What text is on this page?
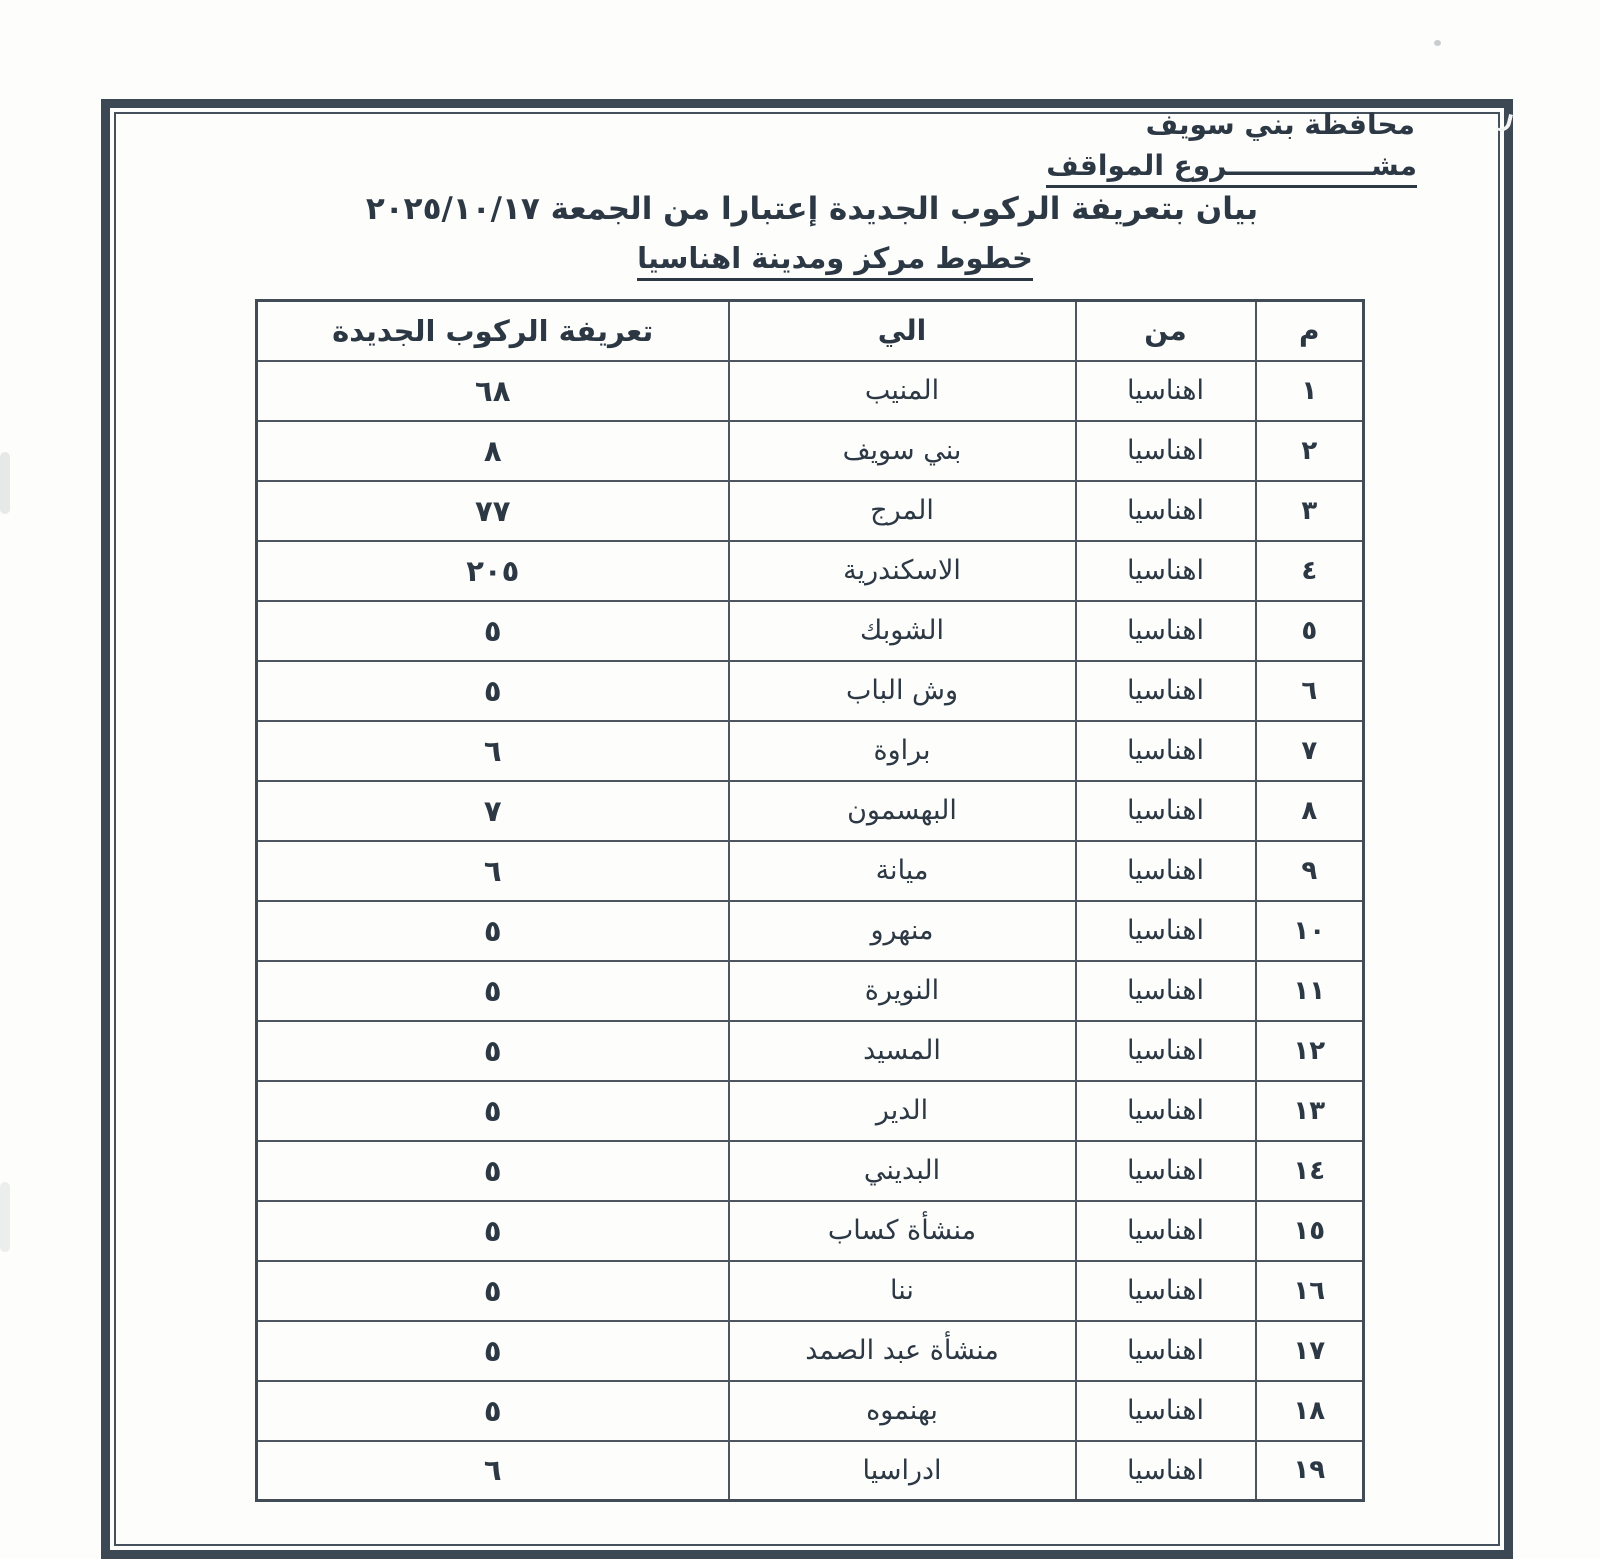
محافظة بني سويف
مشـــــــــــــــروع المواقف
بيان بتعريفة الركوب الجديدة إعتبارا من الجمعة ٢٠٢٥/١٠/١٧
خطوط مركز ومدينة اهناسيا
م	من	الي	تعريفة الركوب الجديدة
١	اهناسيا	المنيب	٦٨
٢	اهناسيا	بني سويف	٨
٣	اهناسيا	المرج	٧٧
٤	اهناسيا	الاسكندرية	٢٠٥
٥	اهناسيا	الشوبك	٥
٦	اهناسيا	وش الباب	٥
٧	اهناسيا	براوة	٦
٨	اهناسيا	البهسمون	٧
٩	اهناسيا	ميانة	٦
١٠	اهناسيا	منهرو	٥
١١	اهناسيا	النويرة	٥
١٢	اهناسيا	المسيد	٥
١٣	اهناسيا	الدير	٥
١٤	اهناسيا	البديني	٥
١٥	اهناسيا	منشأة كساب	٥
١٦	اهناسيا	ننا	٥
١٧	اهناسيا	منشأة عبد الصمد	٥
١٨	اهناسيا	بهنموه	٥
١٩	اهناسيا	ادراسيا	٦
